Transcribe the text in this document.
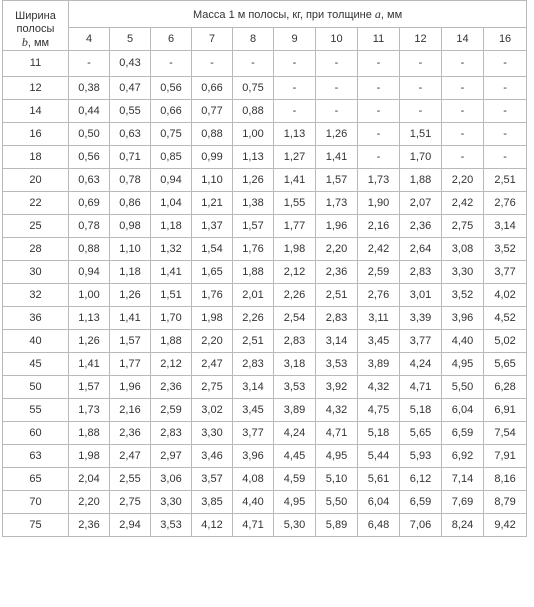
Ширина
полосы
b, мм	Масса 1 м полосы, кг, при толщине a, мм										
	4	5	6	7	8	9	10	11	12	14	16
11	-	0,43	-	-	-	-	-	-	-	-	-
12	0,38	0,47	0,56	0,66	0,75	-	-	-	-	-	-
14	0,44	0,55	0,66	0,77	0,88	-	-	-	-	-	-
16	0,50	0,63	0,75	0,88	1,00	1,13	1,26	-	1,51	-	-
18	0,56	0,71	0,85	0,99	1,13	1,27	1,41	-	1,70	-	-
20	0,63	0,78	0,94	1,10	1,26	1,41	1,57	1,73	1,88	2,20	2,51
22	0,69	0,86	1,04	1,21	1,38	1,55	1,73	1,90	2,07	2,42	2,76
25	0,78	0,98	1,18	1,37	1,57	1,77	1,96	2,16	2,36	2,75	3,14
28	0,88	1,10	1,32	1,54	1,76	1,98	2,20	2,42	2,64	3,08	3,52
30	0,94	1,18	1,41	1,65	1,88	2,12	2,36	2,59	2,83	3,30	3,77
32	1,00	1,26	1,51	1,76	2,01	2,26	2,51	2,76	3,01	3,52	4,02
36	1,13	1,41	1,70	1,98	2,26	2,54	2,83	3,11	3,39	3,96	4,52
40	1,26	1,57	1,88	2,20	2,51	2,83	3,14	3,45	3,77	4,40	5,02
45	1,41	1,77	2,12	2,47	2,83	3,18	3,53	3,89	4,24	4,95	5,65
50	1,57	1,96	2,36	2,75	3,14	3,53	3,92	4,32	4,71	5,50	6,28
55	1,73	2,16	2,59	3,02	3,45	3,89	4,32	4,75	5,18	6,04	6,91
60	1,88	2,36	2,83	3,30	3,77	4,24	4,71	5,18	5,65	6,59	7,54
63	1,98	2,47	2,97	3,46	3,96	4,45	4,95	5,44	5,93	6,92	7,91
65	2,04	2,55	3,06	3,57	4,08	4,59	5,10	5,61	6,12	7,14	8,16
70	2,20	2,75	3,30	3,85	4,40	4,95	5,50	6,04	6,59	7,69	8,79
75	2,36	2,94	3,53	4,12	4,71	5,30	5,89	6,48	7,06	8,24	9,42
